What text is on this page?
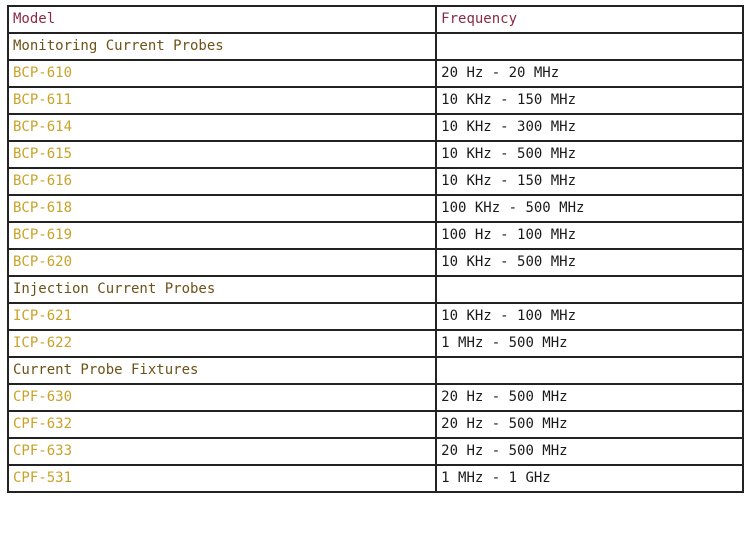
Model	Frequency
Monitoring Current Probes	
BCP-610	20 Hz - 20 MHz
BCP-611	10 KHz - 150 MHz
BCP-614	10 KHz - 300 MHz
BCP-615	10 KHz - 500 MHz
BCP-616	10 KHz - 150 MHz
BCP-618	100 KHz - 500 MHz
BCP-619	100 Hz - 100 MHz
BCP-620	10 KHz - 500 MHz
Injection Current Probes	
ICP-621	10 KHz - 100 MHz
ICP-622	1 MHz - 500 MHz
Current Probe Fixtures	
CPF-630	20 Hz - 500 MHz
CPF-632	20 Hz - 500 MHz
CPF-633	20 Hz - 500 MHz
CPF-531	1 MHz - 1 GHz
